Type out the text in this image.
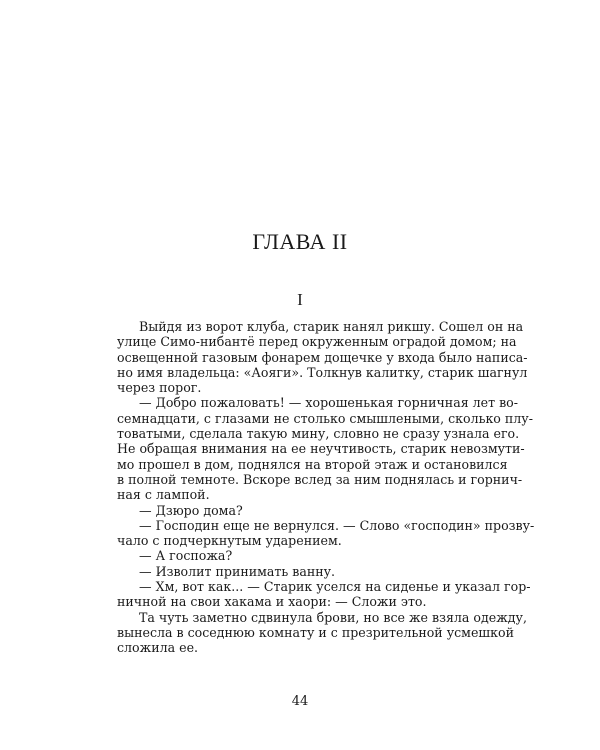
ГЛАВА II
I
Выйдя из ворот клуба, старик нанял рикшу. Сошел он на
улице Симо-нибантё перед окруженным оградой домом; на
освещенной газовым фонарем дощечке у входа было написа-
но имя владельца: «Аояги». Толкнув калитку, старик шагнул
через порог.
— Добро пожаловать! — хорошенькая горничная лет во-
семнадцати, с глазами не столько смышлеными, сколько плу-
товатыми, сделала такую мину, словно не сразу узнала его.
Не обращая внимания на ее неучтивость, старик невозмути-
мо прошел в дом, поднялся на второй этаж и остановился
в полной темноте. Вскоре вслед за ним поднялась и горнич-
ная с лампой.
— Дзюро дома?
— Господин еще не вернулся. — Слово «господин» прозву-
чало с подчеркнутым ударением.
— А госпожа?
— Изволит принимать ванну.
— Хм, вот как... — Старик уселся на сиденье и указал гор-
ничной на свои хакама и хаори: — Сложи это.
Та чуть заметно сдвинула брови, но все же взяла одежду,
вынесла в соседнюю комнату и с презрительной усмешкой
сложила ее.
44
